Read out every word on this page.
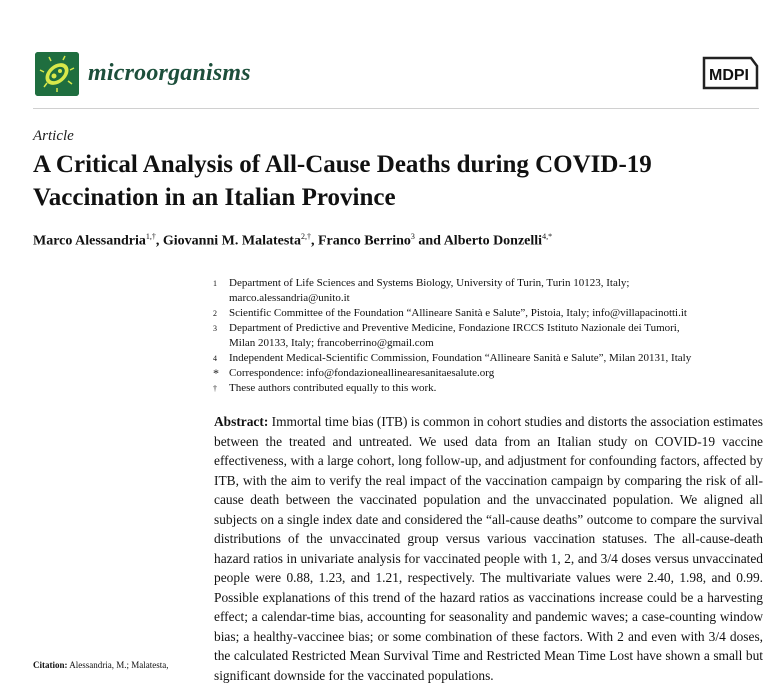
microorganisms	MDPI
Article
A Critical Analysis of All-Cause Deaths during COVID-19 Vaccination in an Italian Province
Marco Alessandria$^{1,\dagger}$, Giovanni M. Malatesta$^{2,\dagger}$, Franco Berrino$^3$ and Alberto Donzelli$^{4,*}$
1 Department of Life Sciences and Systems Biology, University of Turin, Turin 10123, Italy;
marco.alessandria@unito.it
2 Scientific Committee of the Foundation “Allineare Sanità e Salute”, Pistoia, Italy; info@villapacinotti.it
3 Department of Predictive and Preventive Medicine, Fondazione IRCCS Istituto Nazionale dei Tumori,
Milan 20133, Italy; francoberrino@gmail.com
4 Independent Medical-Scientific Commission, Foundation “Allineare Sanità e Salute”, Milan 20131, Italy
* Correspondence: info@fondazioneallinearesanitaesalute.org
† These authors contributed equally to this work.
Abstract: Immortal time bias (ITB) is common in cohort studies and distorts the association estimates between the treated and untreated. We used data from an Italian study on COVID-19 vaccine effectiveness, with a large cohort, long follow-up, and adjustment for confounding factors, affected by ITB, with the aim to verify the real impact of the vaccination campaign by comparing the risk of all-cause death between the vaccinated population and the unvaccinated population. We aligned all subjects on a single index date and considered the “all-cause deaths” outcome to compare the survival distributions of the unvaccinated group versus various vaccination statuses. The all-cause-death hazard ratios in univariate analysis for vaccinated people with 1, 2, and 3/4 doses versus unvaccinated people were 0.88, 1.23, and 1.21, respectively. The multivariate values were 2.40, 1.98, and 0.99. Possible explanations of this trend of the hazard ratios as vaccinations increase could be a harvesting effect; a calendar-time bias, accounting for seasonality and pandemic waves; a case-counting window bias; a healthy-vaccinee bias; or some combination of these factors. With 2 and even with 3/4 doses, the calculated Restricted Mean Survival Time and Restricted Mean Time Lost have shown a small but significant downside for the vaccinated populations.
Citation: Alessandria, M.; Malatesta,
